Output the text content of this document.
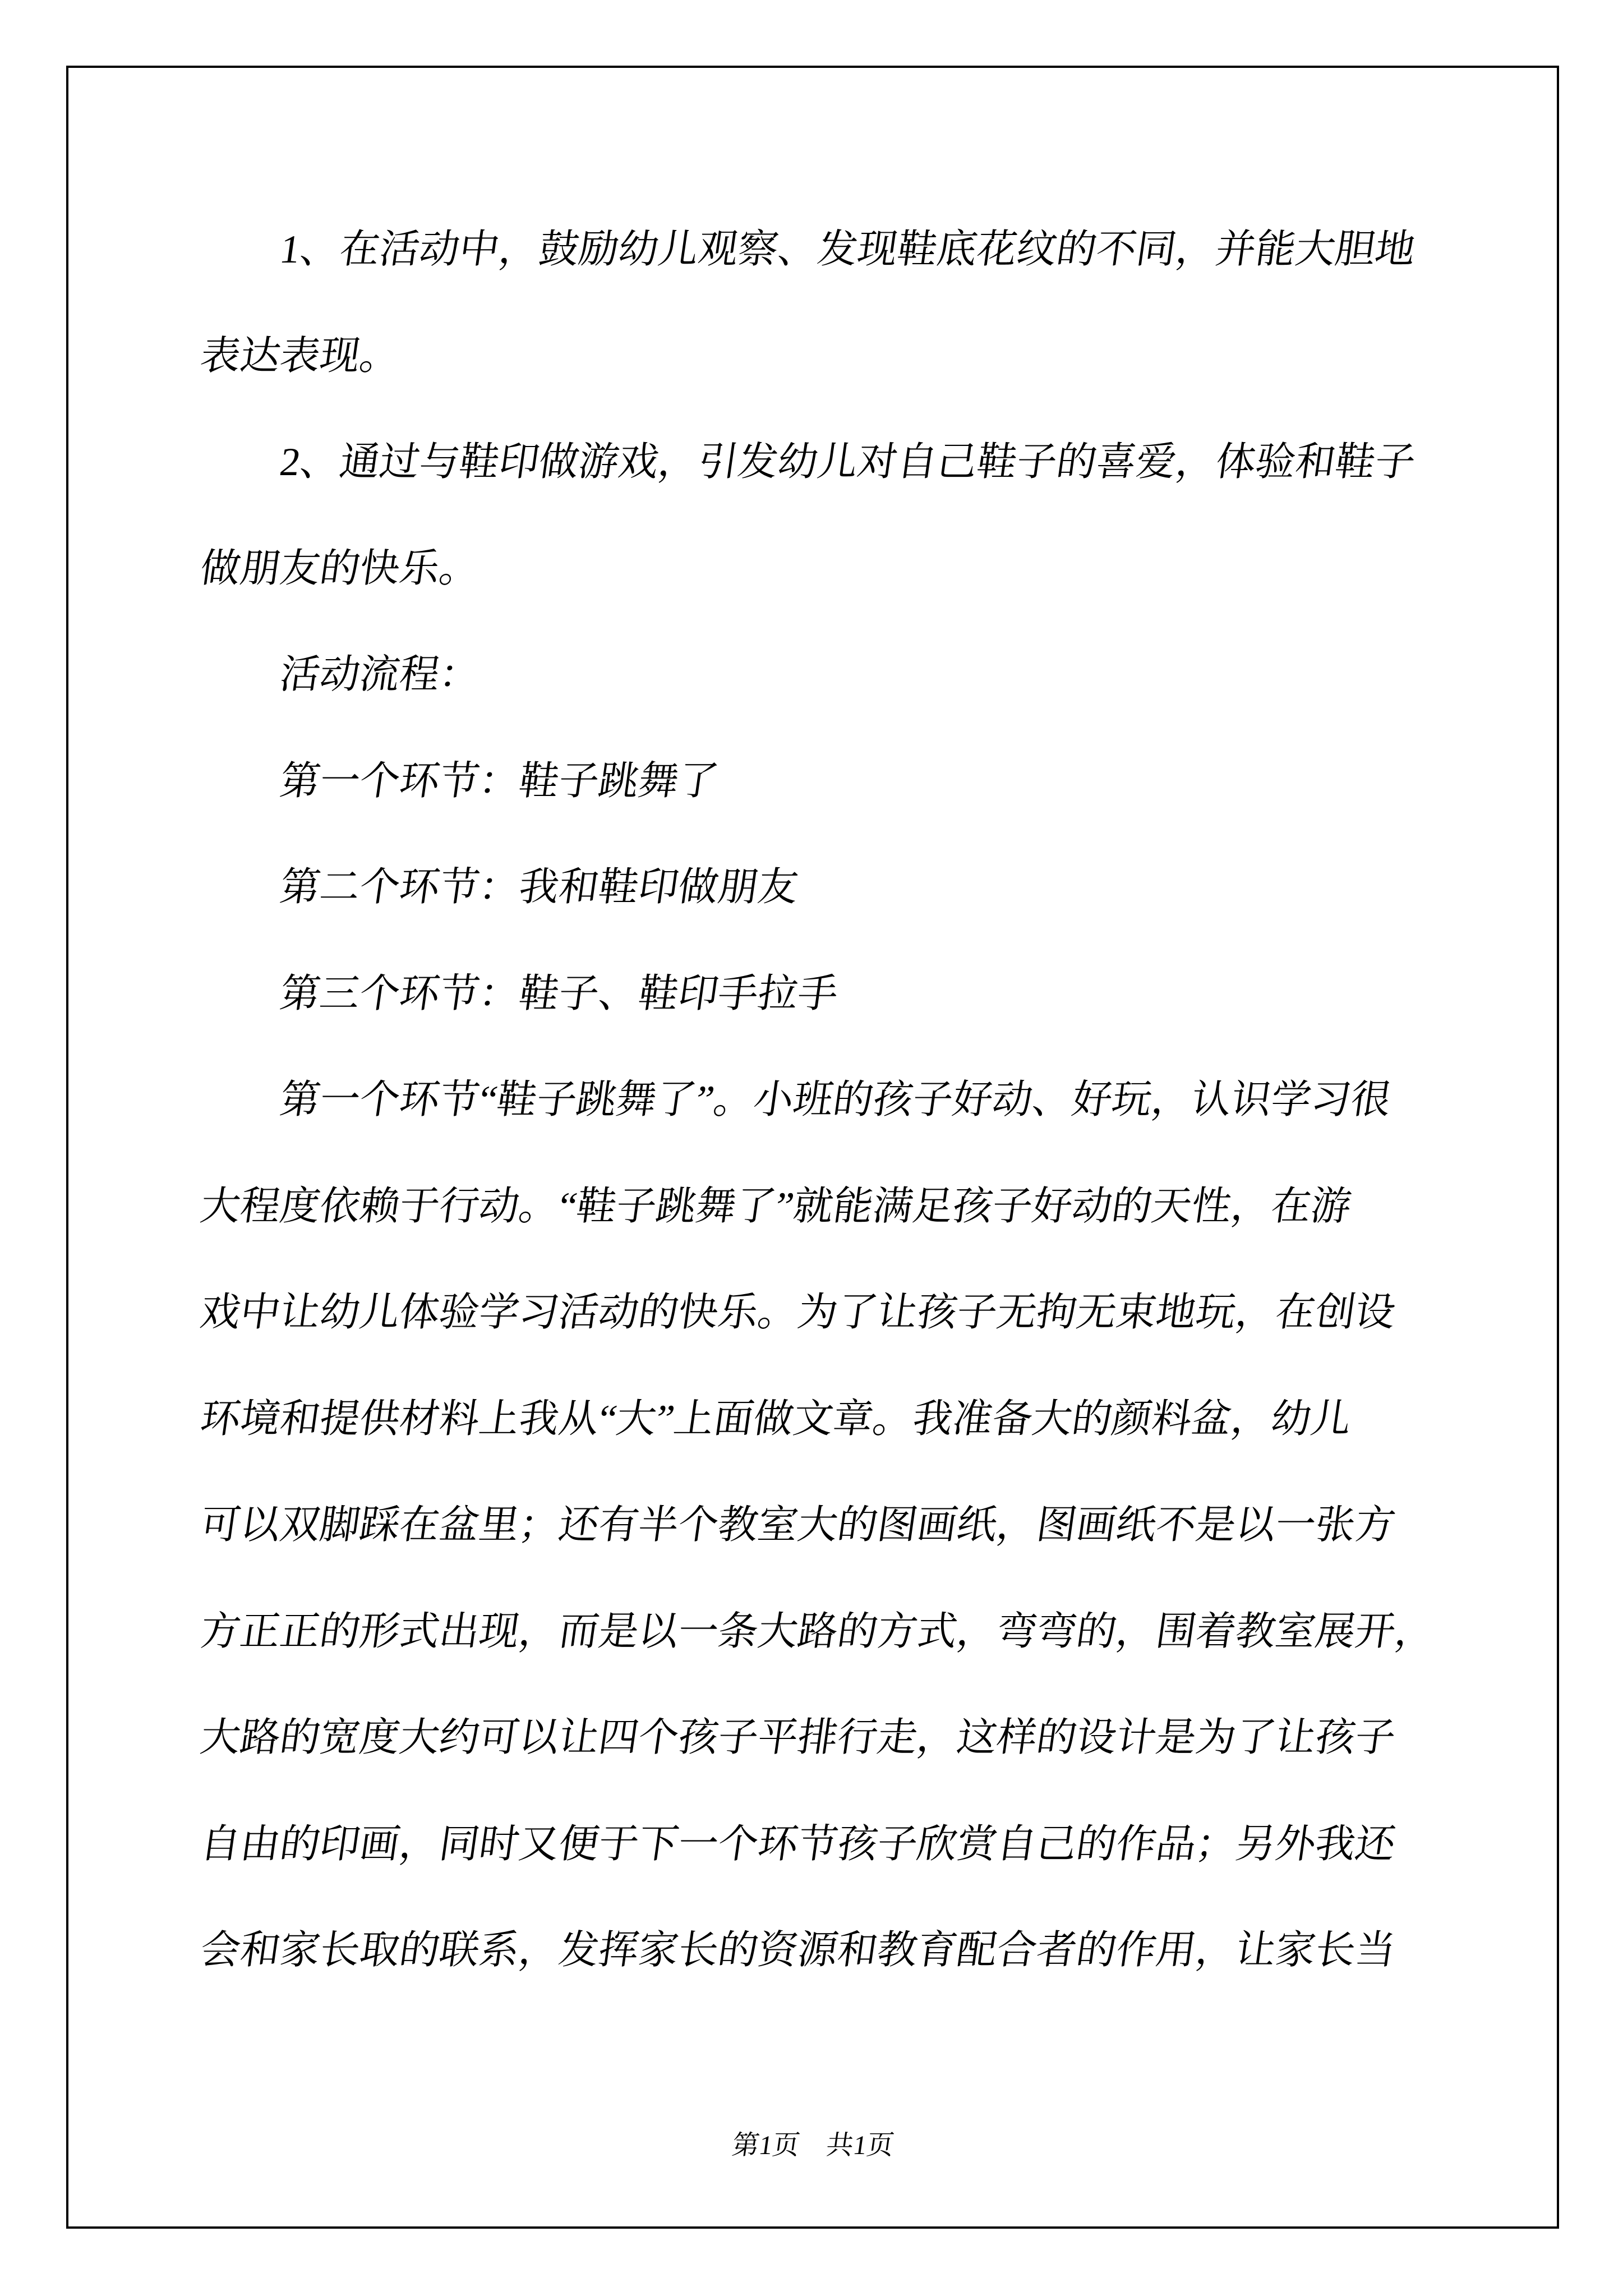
　　1、在活动中，鼓励幼儿观察、发现鞋底花纹的不同，并能大胆地
表达表现。
　　2、通过与鞋印做游戏，引发幼儿对自己鞋子的喜爱，体验和鞋子
做朋友的快乐。
　　活动流程：
　　第一个环节：鞋子跳舞了
　　第二个环节：我和鞋印做朋友
　　第三个环节：鞋子、鞋印手拉手
　　第一个环节“鞋子跳舞了”。小班的孩子好动、好玩，认识学习很
大程度依赖于行动。“鞋子跳舞了”就能满足孩子好动的天性，在游
戏中让幼儿体验学习活动的快乐。为了让孩子无拘无束地玩，在创设
环境和提供材料上我从“大”上面做文章。我准备大的颜料盆，幼儿
可以双脚踩在盆里；还有半个教室大的图画纸，图画纸不是以一张方
方正正的形式出现，而是以一条大路的方式，弯弯的，围着教室展开，
大路的宽度大约可以让四个孩子平排行走，这样的设计是为了让孩子
自由的印画，同时又便于下一个环节孩子欣赏自己的作品；另外我还
会和家长取的联系，发挥家长的资源和教育配合者的作用，让家长当
第1页　共1页
